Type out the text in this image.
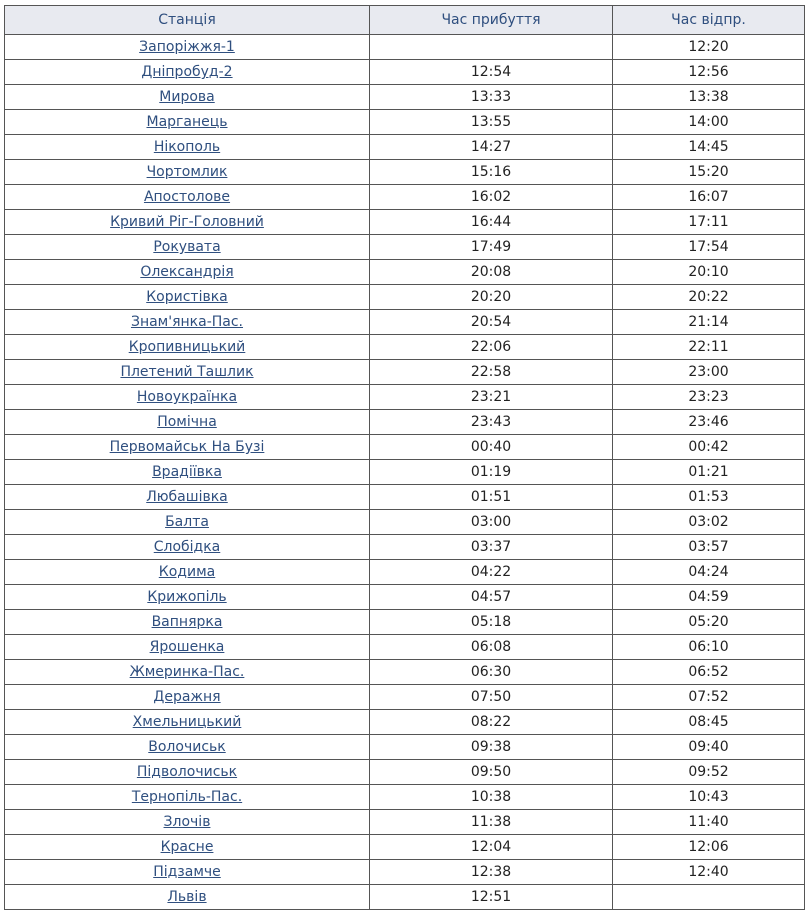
Станція	Час прибуття	Час відпр.
Запоріжжя-1		12:20
Дніпробуд-2	12:54	12:56
Мирова	13:33	13:38
Марганець	13:55	14:00
Нікополь	14:27	14:45
Чортомлик	15:16	15:20
Апостолове	16:02	16:07
Кривий Ріг-Головний	16:44	17:11
Рокувата	17:49	17:54
Олександрія	20:08	20:10
Користівка	20:20	20:22
Знам'янка-Пас.	20:54	21:14
Кропивницький	22:06	22:11
Плетений Ташлик	22:58	23:00
Новоукраїнка	23:21	23:23
Помічна	23:43	23:46
Первомайськ На Бузі	00:40	00:42
Врадіївка	01:19	01:21
Любашівка	01:51	01:53
Балта	03:00	03:02
Слобідка	03:37	03:57
Кодима	04:22	04:24
Крижопіль	04:57	04:59
Вапнярка	05:18	05:20
Ярошенка	06:08	06:10
Жмеринка-Пас.	06:30	06:52
Деражня	07:50	07:52
Хмельницький	08:22	08:45
Волочиськ	09:38	09:40
Підволочиськ	09:50	09:52
Тернопіль-Пас.	10:38	10:43
Злочів	11:38	11:40
Красне	12:04	12:06
Підзамче	12:38	12:40
Львів	12:51	
